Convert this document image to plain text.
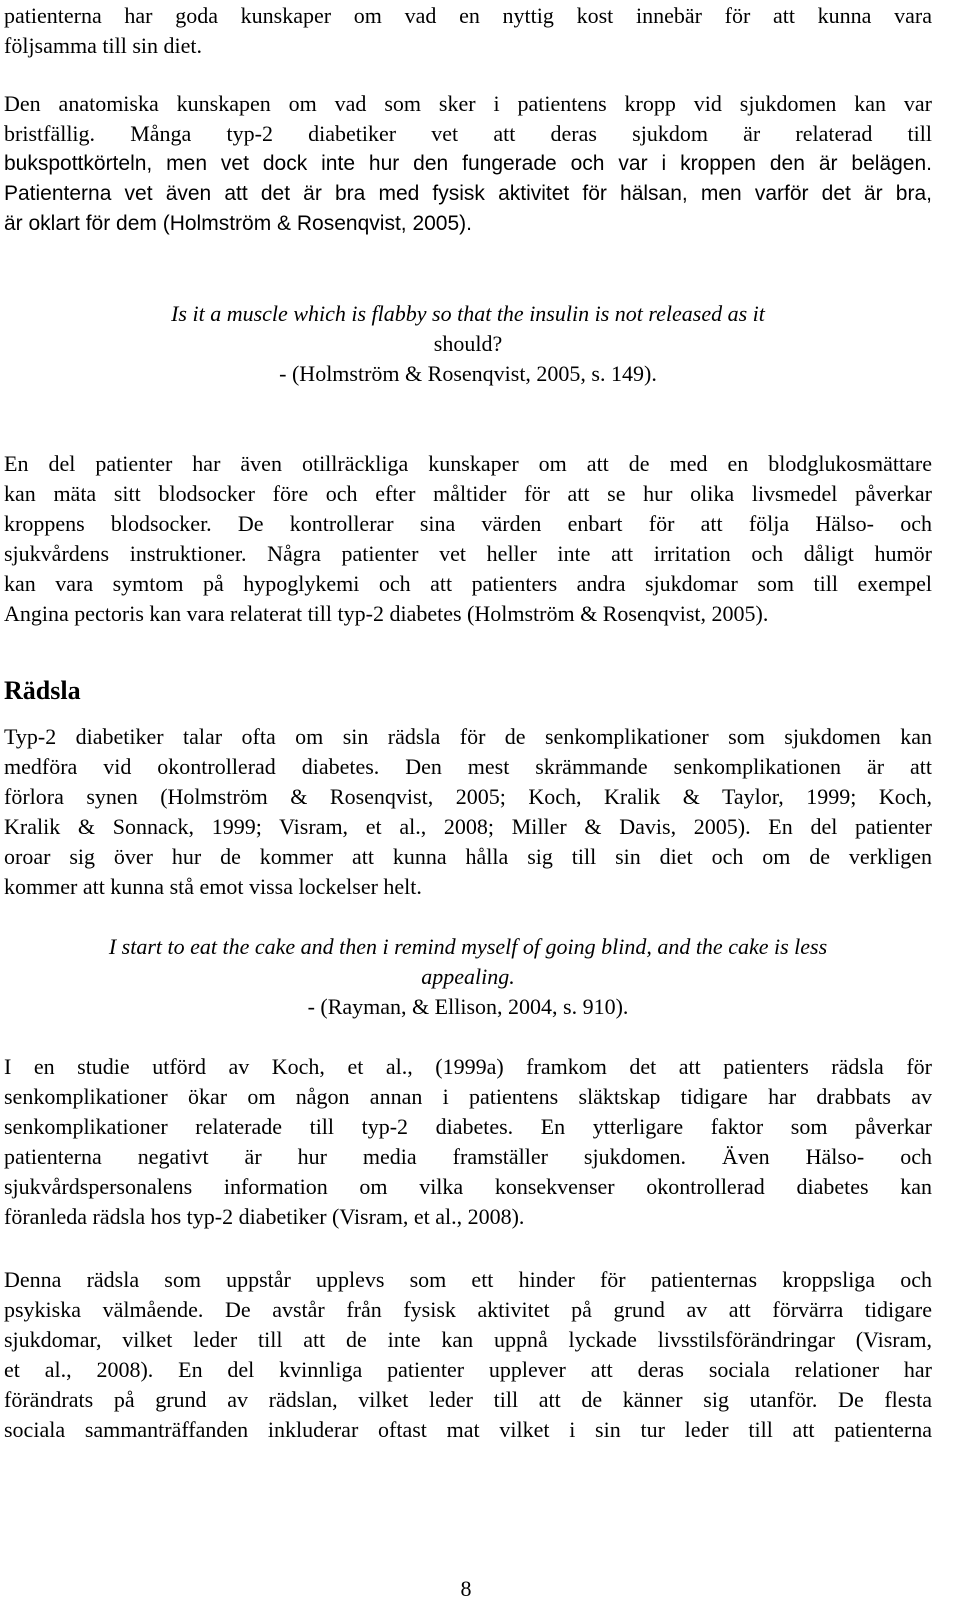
patienterna har goda kunskaper om vad en nyttig kost innebär för att kunna vara

följsamma till sin diet.

Den anatomiska kunskapen om vad som sker i patientens kropp vid sjukdomen kan var

bristfällig. Många typ-2 diabetiker vet att deras sjukdom är relaterad till

bukspottkörteln, men vet dock inte hur den fungerade och var i kroppen den är belägen.

Patienterna vet även att det är bra med fysisk aktivitet för hälsan, men varför det är bra,

är oklart för dem (Holmström & Rosenqvist, 2005).

Is it a muscle which is flabby so that the insulin is not released as it

should?

- (Holmström & Rosenqvist, 2005, s. 149).

En del patienter har även otillräckliga kunskaper om att de med en blodglukosmättare

kan mäta sitt blodsocker före och efter måltider för att se hur olika livsmedel påverkar

kroppens blodsocker. De kontrollerar sina värden enbart för att följa Hälso- och

sjukvårdens instruktioner. Några patienter vet heller inte att irritation och dåligt humör

kan vara symtom på hypoglykemi och att patienters andra sjukdomar som till exempel

Angina pectoris kan vara relaterat till typ-2 diabetes (Holmström & Rosenqvist, 2005).

Rädsla

Typ-2 diabetiker talar ofta om sin rädsla för de senkomplikationer som sjukdomen kan

medföra vid okontrollerad diabetes. Den mest skrämmande senkomplikationen är att

förlora synen (Holmström & Rosenqvist, 2005; Koch, Kralik & Taylor, 1999; Koch,

Kralik & Sonnack, 1999; Visram, et al., 2008; Miller & Davis, 2005). En del patienter

oroar sig över hur de kommer att kunna hålla sig till sin diet och om de verkligen

kommer att kunna stå emot vissa lockelser helt.

I start to eat the cake and then i remind myself of going blind, and the cake is less

appealing.

- (Rayman, & Ellison, 2004, s. 910).

I en studie utförd av Koch, et al., (1999a) framkom det att patienters rädsla för

senkomplikationer ökar om någon annan i patientens släktskap tidigare har drabbats av

senkomplikationer relaterade till typ-2 diabetes. En ytterligare faktor som påverkar

patienterna negativt är hur media framställer sjukdomen. Även Hälso- och

sjukvårdspersonalens information om vilka konsekvenser okontrollerad diabetes kan

föranleda rädsla hos typ-2 diabetiker (Visram, et al., 2008).

Denna rädsla som uppstår upplevs som ett hinder för patienternas kroppsliga och

psykiska välmående. De avstår från fysisk aktivitet på grund av att förvärra tidigare

sjukdomar, vilket leder till att de inte kan uppnå lyckade livsstilsförändringar (Visram,

et al., 2008). En del kvinnliga patienter upplever att deras sociala relationer har

förändrats på grund av rädslan, vilket leder till att de känner sig utanför. De flesta

sociala sammanträffanden inkluderar oftast mat vilket i sin tur leder till att patienterna

8
